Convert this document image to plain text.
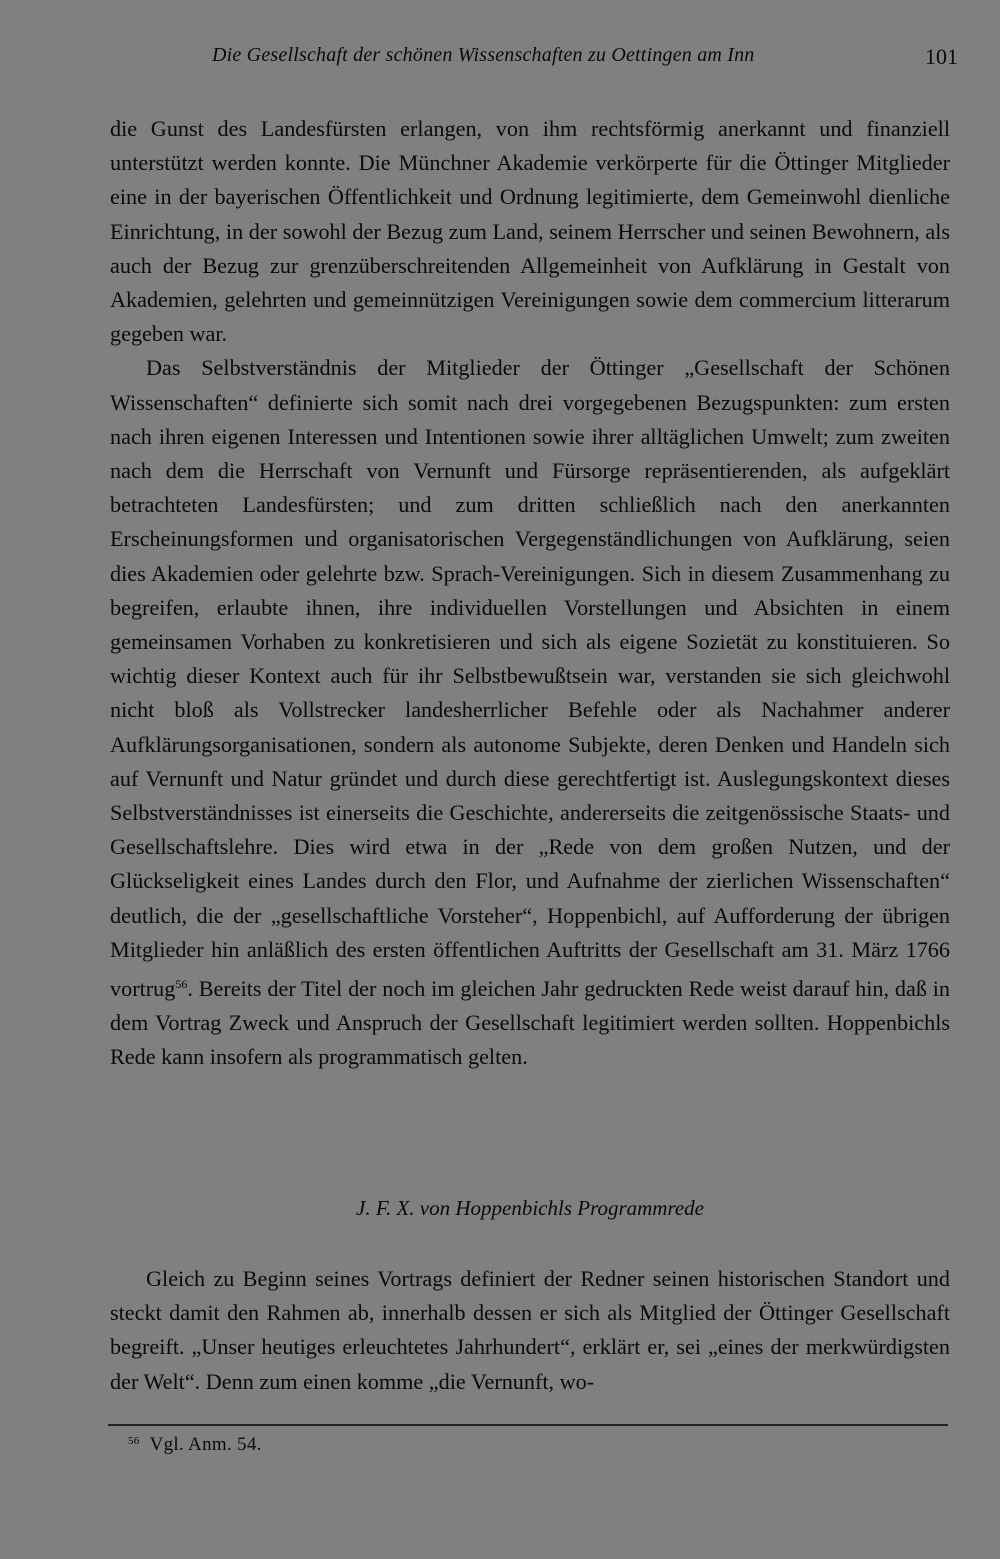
Die Gesellschaft der schönen Wissenschaften zu Oettingen am Inn	101

die Gunst des Landesfürsten erlangen, von ihm rechtsförmig anerkannt und finanziell unterstützt werden konnte. Die Münchner Akademie verkörperte für die Öttinger Mitglieder eine in der bayerischen Öffentlichkeit und Ordnung legitimierte, dem Gemeinwohl dienliche Einrichtung, in der sowohl der Bezug zum Land, seinem Herrscher und seinen Bewohnern, als auch der Bezug zur grenzüberschreitenden Allgemeinheit von Aufklärung in Gestalt von Akademien, gelehrten und gemeinnützigen Vereinigungen sowie dem commercium litterarum gegeben war.

Das Selbstverständnis der Mitglieder der Öttinger „Gesellschaft der Schönen Wissenschaften“ definierte sich somit nach drei vorgegebenen Bezugspunkten: zum ersten nach ihren eigenen Interessen und Intentionen sowie ihrer alltäglichen Umwelt; zum zweiten nach dem die Herrschaft von Vernunft und Fürsorge repräsentierenden, als aufgeklärt betrachteten Landesfürsten; und zum dritten schließlich nach den anerkannten Erscheinungsformen und organisatorischen Vergegenständlichungen von Aufklärung, seien dies Akademien oder gelehrte bzw. Sprach-Vereinigungen. Sich in diesem Zusammenhang zu begreifen, erlaubte ihnen, ihre individuellen Vorstellungen und Absichten in einem gemeinsamen Vorhaben zu konkretisieren und sich als eigene Sozietät zu konstituieren. So wichtig dieser Kontext auch für ihr Selbstbewußtsein war, verstanden sie sich gleichwohl nicht bloß als Vollstrecker landesherrlicher Befehle oder als Nachahmer anderer Aufklärungsorganisationen, sondern als autonome Subjekte, deren Denken und Handeln sich auf Vernunft und Natur gründet und durch diese gerechtfertigt ist. Auslegungskontext dieses Selbstverständnisses ist einerseits die Geschichte, andererseits die zeitgenössische Staats- und Gesellschaftslehre. Dies wird etwa in der „Rede von dem großen Nutzen, und der Glückseligkeit eines Landes durch den Flor, und Aufnahme der zierlichen Wissenschaften“ deutlich, die der „gesellschaftliche Vorsteher“, Hoppenbichl, auf Aufforderung der übrigen Mitglieder hin anläßlich des ersten öffentlichen Auftritts der Gesellschaft am 31. März 1766 vortrug$^{56}$. Bereits der Titel der noch im gleichen Jahr gedruckten Rede weist darauf hin, daß in dem Vortrag Zweck und Anspruch der Gesellschaft legitimiert werden sollten. Hoppenbichls Rede kann insofern als programmatisch gelten.

J. F. X. von Hoppenbichls Programmrede

Gleich zu Beginn seines Vortrags definiert der Redner seinen historischen Standort und steckt damit den Rahmen ab, innerhalb dessen er sich als Mitglied der Öttinger Gesellschaft begreift. „Unser heutiges erleuchtetes Jahrhundert“, erklärt er, sei „eines der merkwürdigsten der Welt“. Denn zum einen komme „die Vernunft, wo-

$^{56}$ Vgl. Anm. 54.
